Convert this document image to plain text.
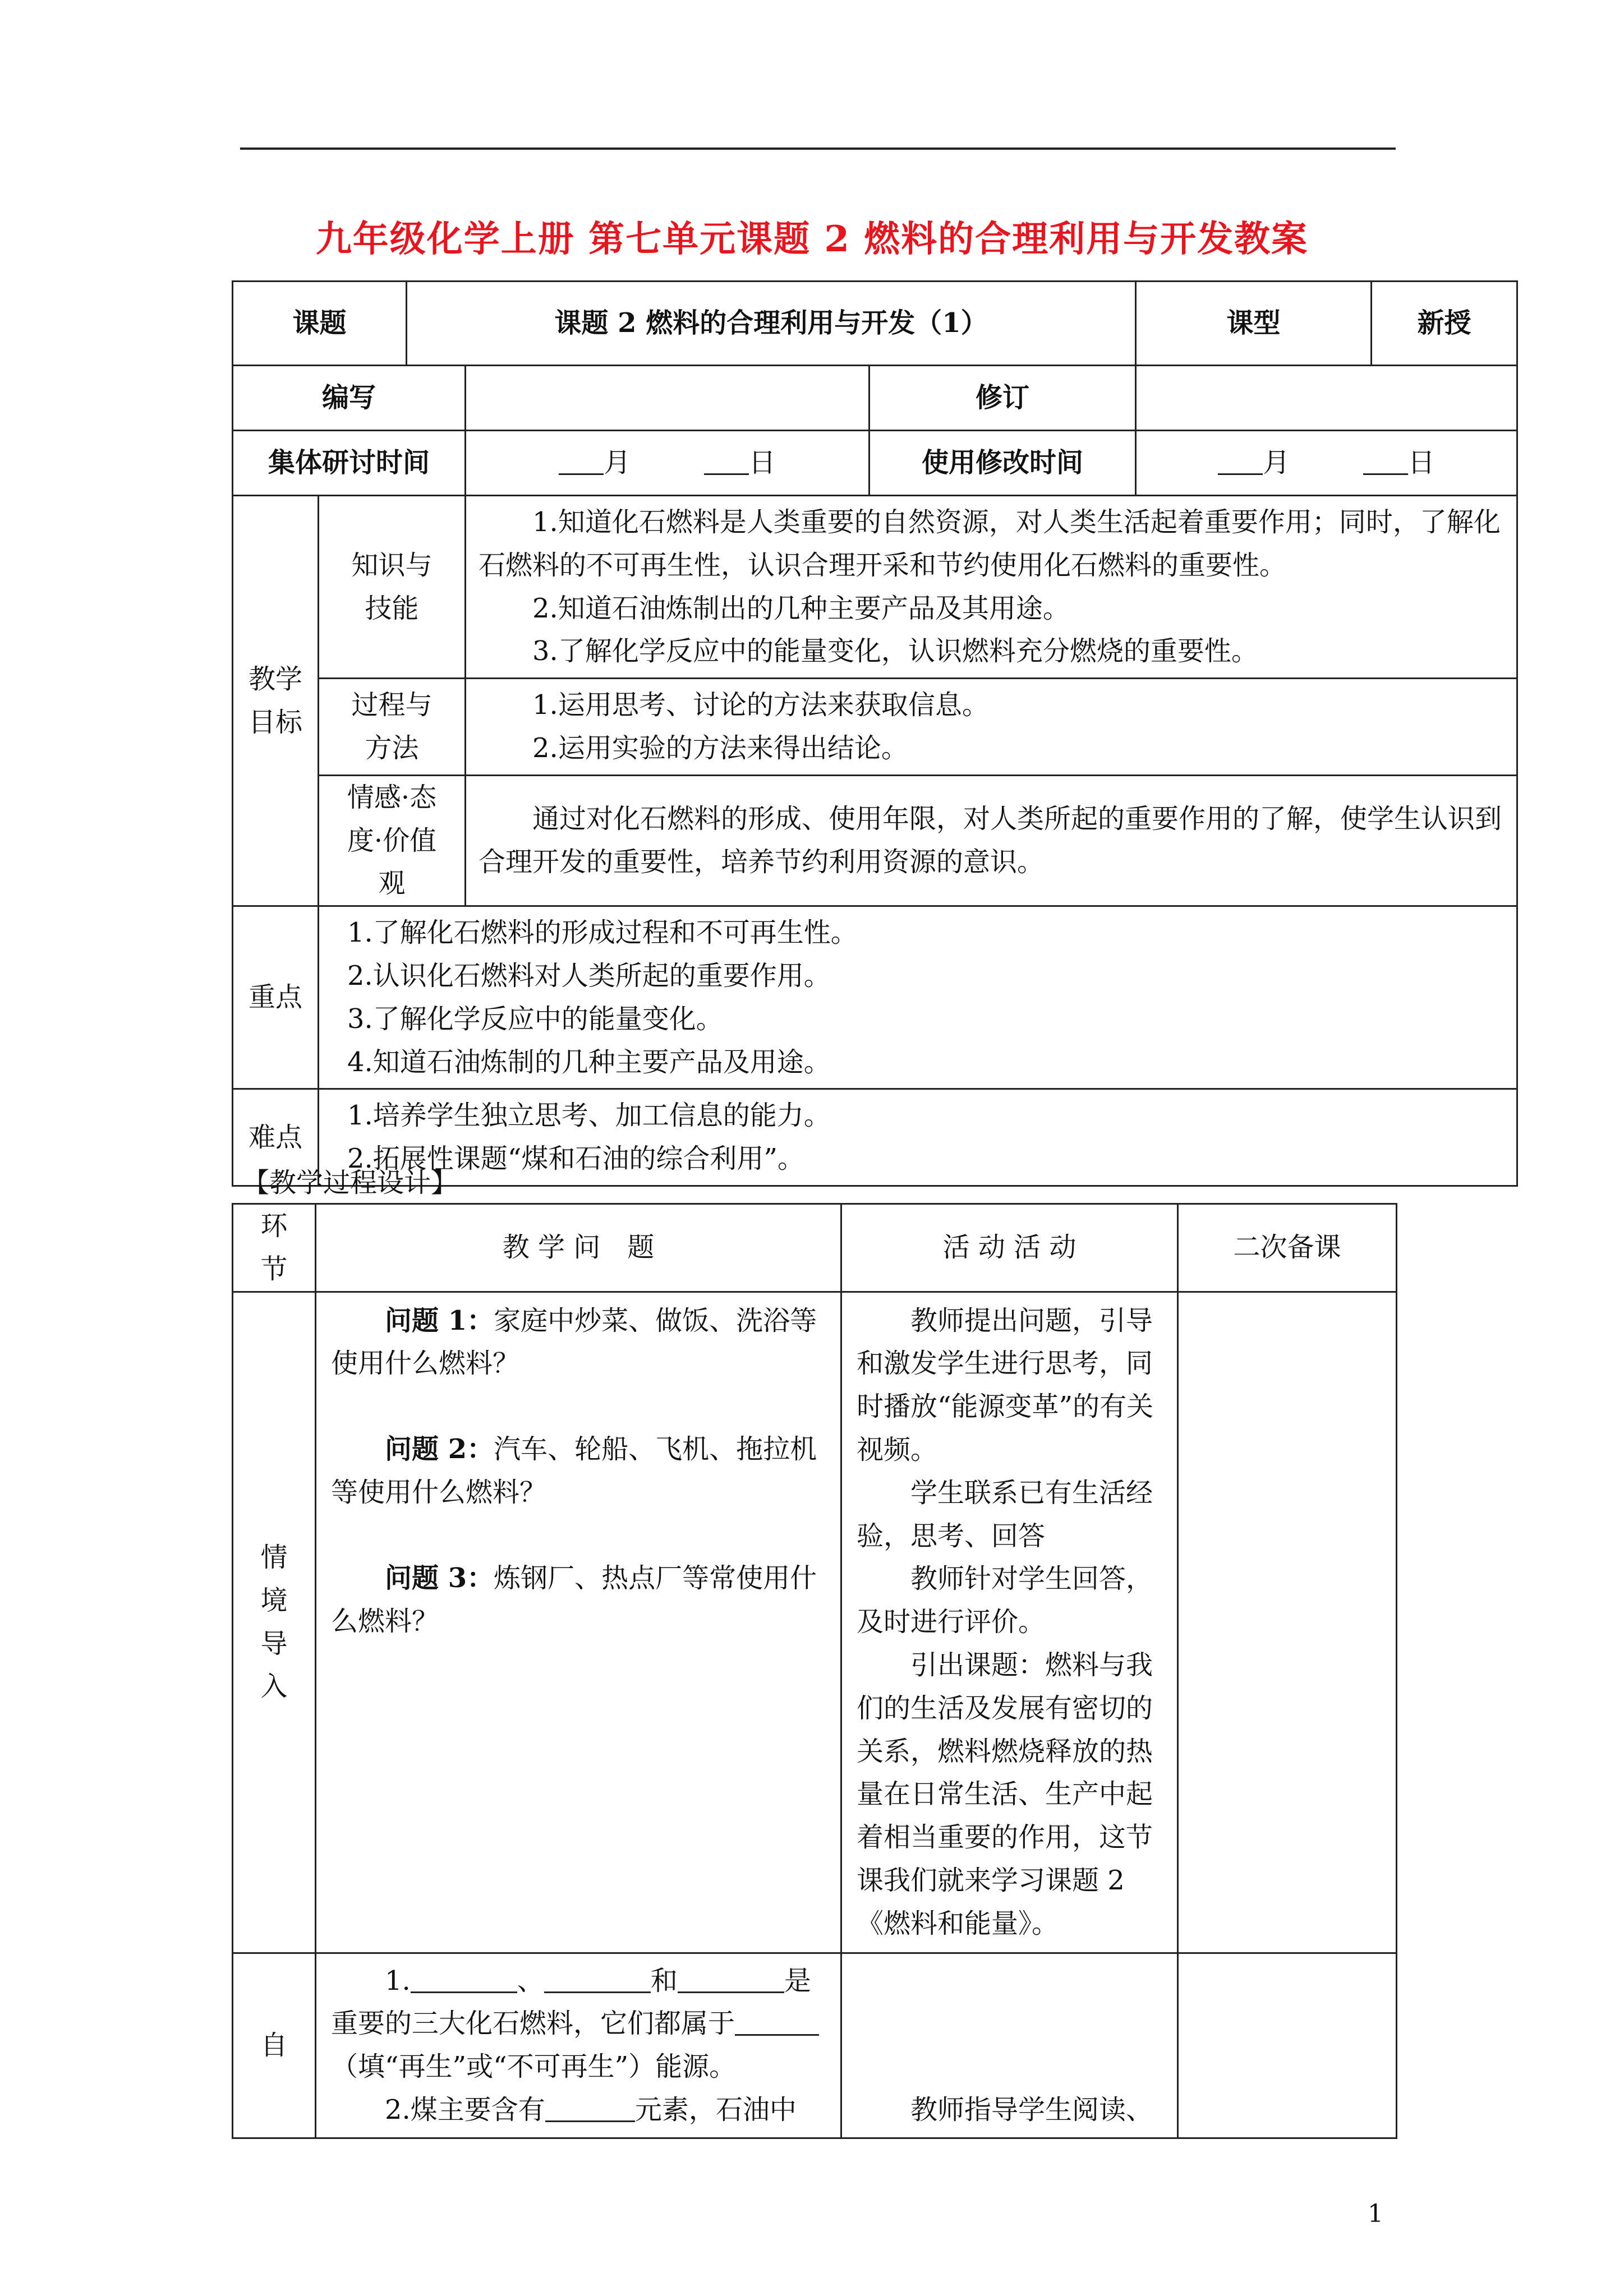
九年级化学上册 第七单元课题 2 燃料的合理利用与开发教案
课题		课题 2 燃料的合理利用与开发（1）			课型	新授
编写				修订		
集体研讨时间			月 日	使用修改时间	月 日	
教学目标	知识与技能		1.知道化石燃料是人类重要的自然资源，对人类生活起着重要作用；同时，了解化石燃料的不可再生性，认识合理开采和节约使用化石燃料的重要性。
2.知道石油炼制出的几种主要产品及其用途。
3.了解化学反应中的能量变化，认识燃料充分燃烧的重要性。			

	过程与方法		1.运用思考、讨论的方法来获取信息。
2.运用实验的方法来得出结论。			

	情感·态度·价值观		通过对化石燃料的形成、使用年限，对人类所起的重要作用的了解，使学生认识到合理开发的重要性，培养节约利用资源的意识。			

重点	1.了解化石燃料的形成过程和不可再生性。
2.认识化石燃料对人类所起的重要作用。
3.了解化学反应中的能量变化。
4.知道石油炼制的几种主要产品及用途。					

难点	1.培养学生独立思考、加工信息的能力。
2.拓展性课题“煤和石油的综合利用”。					
【教学过程设计】
环节	教 学 问　题	活 动 活 动	二次备课
情境导入	问题 1：家庭中炒菜、做饭、洗浴等使用什么燃料？
问题 2：汽车、轮船、飞机、拖拉机等使用什么燃料？
问题 3：炼钢厂、热点厂等常使用什么燃料？	教师提出问题，引导和激发学生进行思考，同时播放“能源变革”的有关视频。
学生联系已有生活经验，思考、回答
教师针对学生回答，及时进行评价。
引出课题：燃料与我们的生活及发展有密切的关系，燃料燃烧释放的热量在日常生活、生产中起着相当重要的作用，这节课我们就来学习课题 2《燃料和能量》。	

自	1. 、 和 是重要的三大化石燃料，它们都属于（填“再生”或“不可再生”）能源。
2.煤主要含有 元素，石油中	教师指导学生阅读、	

1
